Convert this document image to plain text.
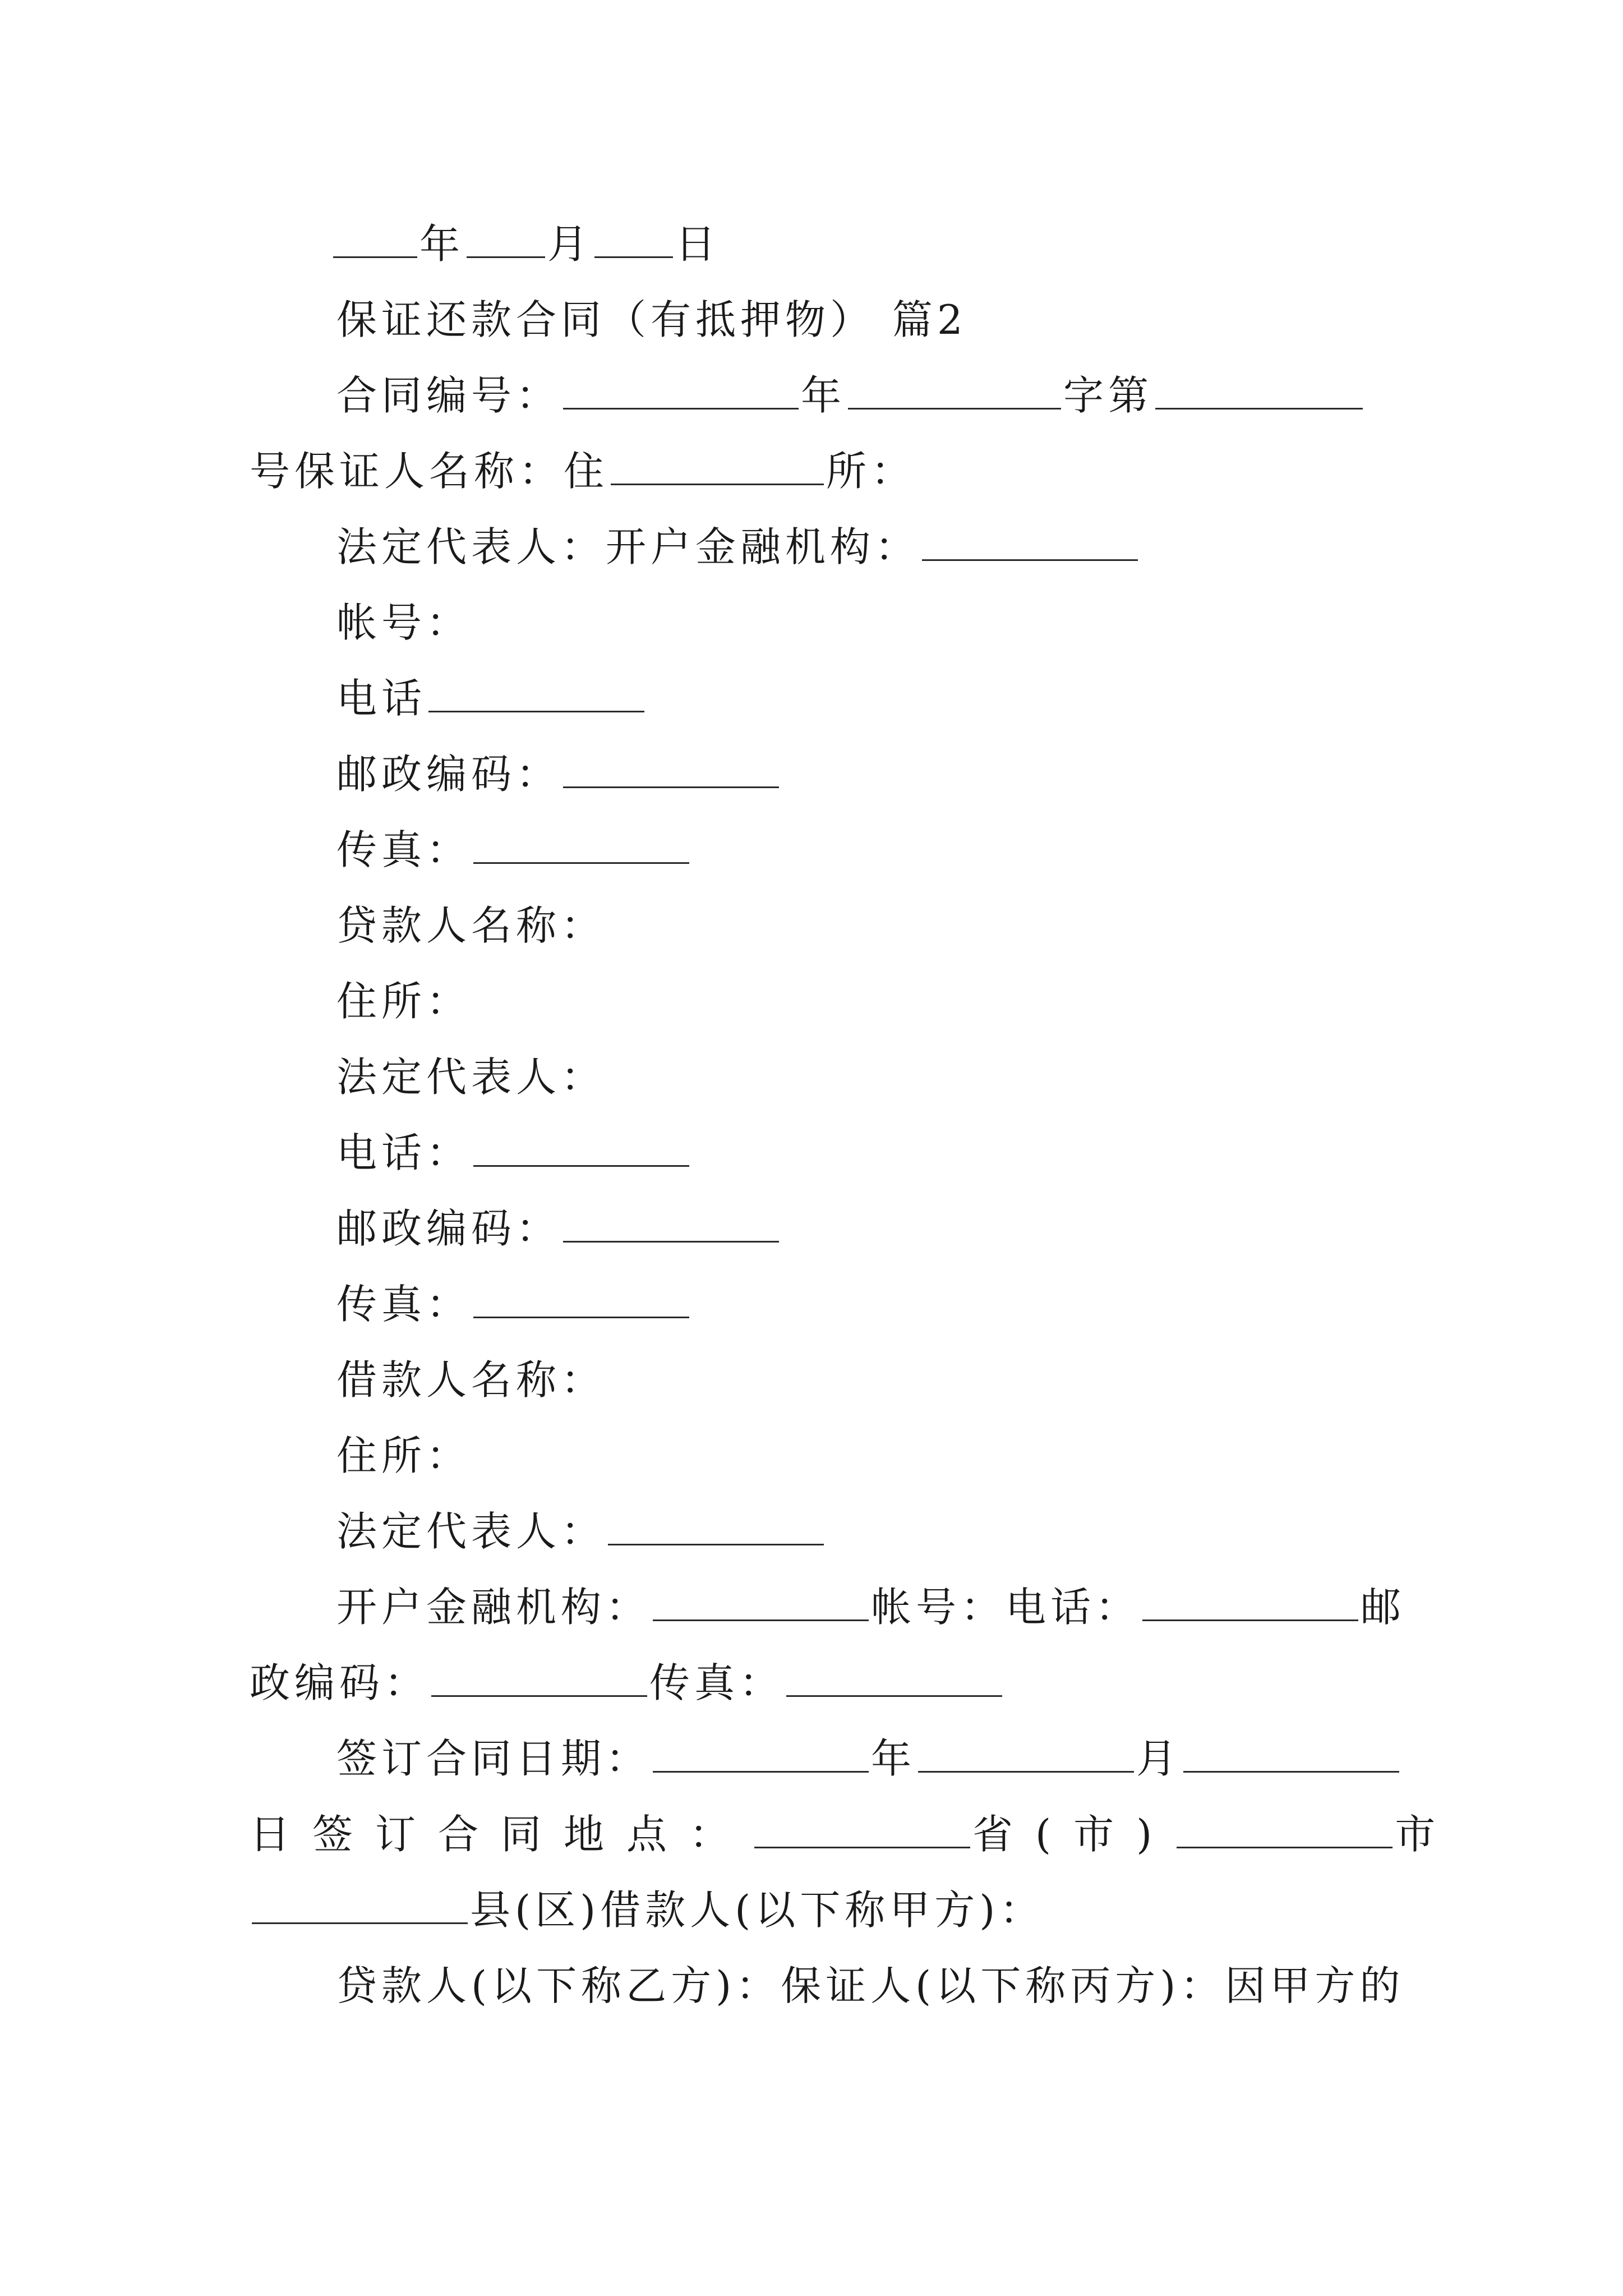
年 月 日
保证还款合同（有抵押物） 篇2
合同编号：	年	字第
号保证人名称：住	所：
法定代表人：开户金融机构：
帐号：
电话
邮政编码：
传真：
贷款人名称：
住所：
法定代表人：
电话：
邮政编码：
传真：
借款人名称：
住所：
法定代表人：
开户金融机构：	帐号：电话：	邮
政编码：	传真：
签订合同日期：	年	月
日签订合同地点：	省(市)	市
县(区)借款人(以下称甲方)：
贷款人(以下称乙方)：保证人(以下称丙方)：因甲方的
